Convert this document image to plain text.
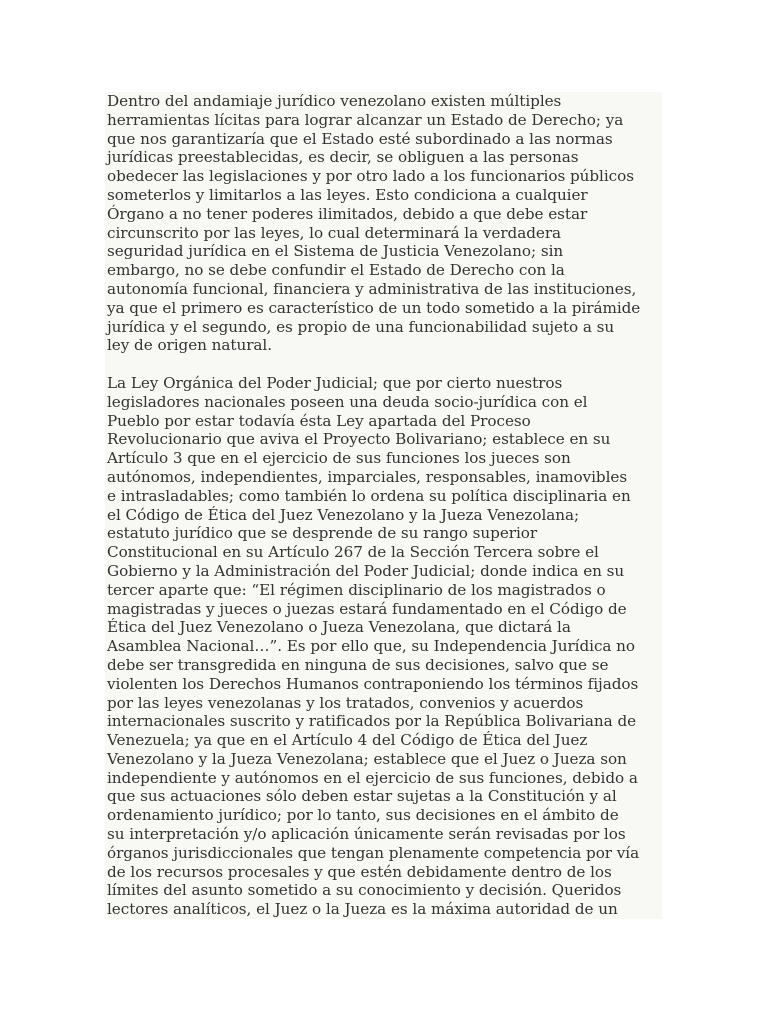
Dentro del andamiaje jurídico venezolano existen múltiples
herramientas lícitas para lograr alcanzar un Estado de Derecho; ya
que nos garantizaría que el Estado esté subordinado a las normas
jurídicas preestablecidas, es decir, se obliguen a las personas
obedecer las legislaciones y por otro lado a los funcionarios públicos
someterlos y limitarlos a las leyes. Esto condiciona a cualquier
Órgano a no tener poderes ilimitados, debido a que debe estar
circunscrito por las leyes, lo cual determinará la verdadera
seguridad jurídica en el Sistema de Justicia Venezolano; sin
embargo, no se debe confundir el Estado de Derecho con la
autonomía funcional, financiera y administrativa de las instituciones,
ya que el primero es característico de un todo sometido a la pirámide
jurídica y el segundo, es propio de una funcionabilidad sujeto a su
ley de origen natural.

La Ley Orgánica del Poder Judicial; que por cierto nuestros
legisladores nacionales poseen una deuda socio-jurídica con el
Pueblo por estar todavía ésta Ley apartada del Proceso
Revolucionario que aviva el Proyecto Bolivariano; establece en su
Artículo 3 que en el ejercicio de sus funciones los jueces son
autónomos, independientes, imparciales, responsables, inamovibles
e intrasladables; como también lo ordena su política disciplinaria en
el Código de Ética del Juez Venezolano y la Jueza Venezolana;
estatuto jurídico que se desprende de su rango superior
Constitucional en su Artículo 267 de la Sección Tercera sobre el
Gobierno y la Administración del Poder Judicial; donde indica en su
tercer aparte que: “El régimen disciplinario de los magistrados o
magistradas y jueces o juezas estará fundamentado en el Código de
Ética del Juez Venezolano o Jueza Venezolana, que dictará la
Asamblea Nacional…”. Es por ello que, su Independencia Jurídica no
debe ser transgredida en ninguna de sus decisiones, salvo que se
violenten los Derechos Humanos contraponiendo los términos fijados
por las leyes venezolanas y los tratados, convenios y acuerdos
internacionales suscrito y ratificados por la República Bolivariana de
Venezuela; ya que en el Artículo 4 del Código de Ética del Juez
Venezolano y la Jueza Venezolana; establece que el Juez o Jueza son
independiente y autónomos en el ejercicio de sus funciones, debido a
que sus actuaciones sólo deben estar sujetas a la Constitución y al
ordenamiento jurídico; por lo tanto, sus decisiones en el ámbito de
su interpretación y/o aplicación únicamente serán revisadas por los
órganos jurisdiccionales que tengan plenamente competencia por vía
de los recursos procesales y que estén debidamente dentro de los
límites del asunto sometido a su conocimiento y decisión. Queridos
lectores analíticos, el Juez o la Jueza es la máxima autoridad de un
